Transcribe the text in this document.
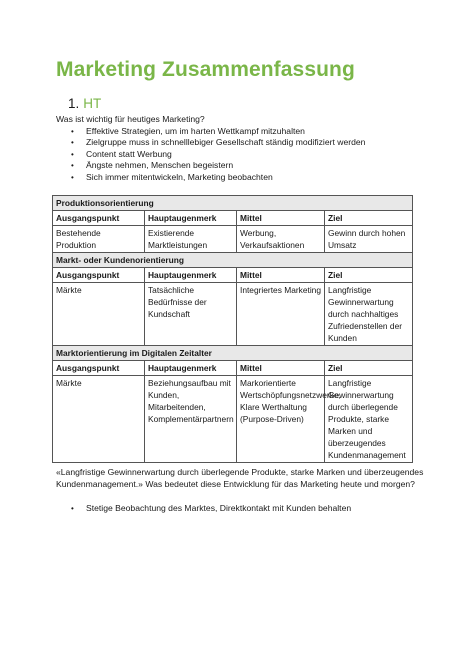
Marketing Zusammenfassung
1. HT
Was ist wichtig für heutiges Marketing?
• Effektive Strategien, um im harten Wettkampf mitzuhalten
• Zielgruppe muss in schnelllebiger Gesellschaft ständig modifiziert werden
• Content statt Werbung
• Ängste nehmen, Menschen begeistern
• Sich immer mitentwickeln, Marketing beobachten
Produktionsorientierung			
Ausgangspunkt	Hauptaugenmerk	Mittel	Ziel
Bestehende Produktion	Existierende Marktleistungen	Werbung, Verkaufsaktionen	Gewinn durch hohen Umsatz
Markt- oder Kundenorientierung			
Ausgangspunkt	Hauptaugenmerk	Mittel	Ziel
Märkte	Tatsächliche Bedürfnisse der Kundschaft	Integriertes Marketing	Langfristige Gewinnerwartung durch nachhaltiges Zufriedenstellen der Kunden
Marktorientierung im Digitalen Zeitalter			
Ausgangspunkt	Hauptaugenmerk	Mittel	Ziel
Märkte	Beziehungsaufbau mit Kunden, Mitarbeitenden, Komplementärpartnern	Markorientierte Wertschöpfungsnetzwerke, Klare Werthaltung (Purpose-Driven)	Langfristige Gewinnerwartung durch überlegende Produkte, starke Marken und überzeugendes Kundenmanagement
«Langfristige Gewinnerwartung durch überlegende Produkte, starke Marken und überzeugendes Kundenmanagement.» Was bedeutet diese Entwicklung für das Marketing heute und morgen?
• Stetige Beobachtung des Marktes, Direktkontakt mit Kunden behalten
